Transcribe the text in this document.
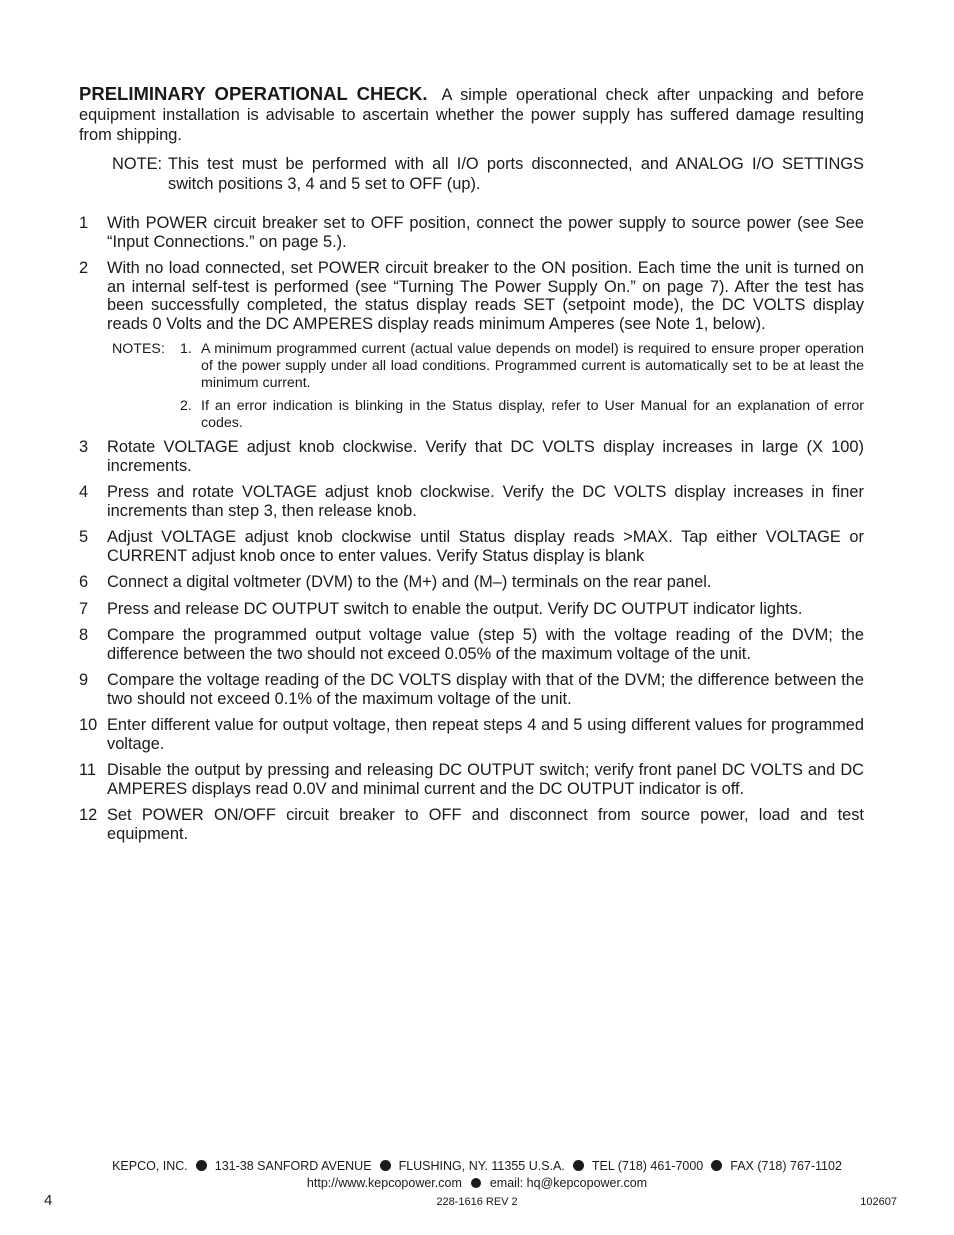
PRELIMINARY OPERATIONAL CHECK. A simple operational check after unpacking and before equipment installation is advisable to ascertain whether the power supply has suffered damage resulting from shipping.

NOTE: This test must be performed with all I/O ports disconnected, and ANALOG I/O SETTINGS switch positions 3, 4 and 5 set to OFF (up).
1 With POWER circuit breaker set to OFF position, connect the power supply to source power (see See “Input Connections.” on page 5.).
2 With no load connected, set POWER circuit breaker to the ON position. Each time the unit is turned on an internal self-test is performed (see “Turning The Power Supply On.” on page 7). After the test has been successfully completed, the status display reads SET (setpoint mode), the DC VOLTS display reads 0 Volts and the DC AMPERES display reads minimum Amperes (see Note 1, below).
NOTES: 1. A minimum programmed current (actual value depends on model) is required to ensure proper operation of the power supply under all load conditions. Programmed current is automatically set to be at least the minimum current.
2. If an error indication is blinking in the Status display, refer to User Manual for an explanation of error codes.
3 Rotate VOLTAGE adjust knob clockwise. Verify that DC VOLTS display increases in large (X 100) increments.
4 Press and rotate VOLTAGE adjust knob clockwise. Verify the DC VOLTS display increases in finer increments than step 3, then release knob.
5 Adjust VOLTAGE adjust knob clockwise until Status display reads >MAX. Tap either VOLTAGE or CURRENT adjust knob once to enter values. Verify Status display is blank
6 Connect a digital voltmeter (DVM) to the (M+) and (M–) terminals on the rear panel.
7 Press and release DC OUTPUT switch to enable the output. Verify DC OUTPUT indicator lights.
8 Compare the programmed output voltage value (step 5) with the voltage reading of the DVM; the difference between the two should not exceed 0.05% of the maximum voltage of the unit.
9 Compare the voltage reading of the DC VOLTS display with that of the DVM; the difference between the two should not exceed 0.1% of the maximum voltage of the unit.
10 Enter different value for output voltage, then repeat steps 4 and 5 using different values for programmed voltage.
11 Disable the output by pressing and releasing DC OUTPUT switch; verify front panel DC VOLTS and DC AMPERES displays read 0.0V and minimal current and the DC OUTPUT indicator is off.
12 Set POWER ON/OFF circuit breaker to OFF and disconnect from source power, load and test equipment.
KEPCO, INC. 131-38 SANFORD AVENUE FLUSHING, NY. 11355 U.S.A. TEL (718) 461-7000 FAX (718) 767-1102
http://www.kepcopower.com email: hq@kepcopower.com
4	228-1616 REV 2	102607
